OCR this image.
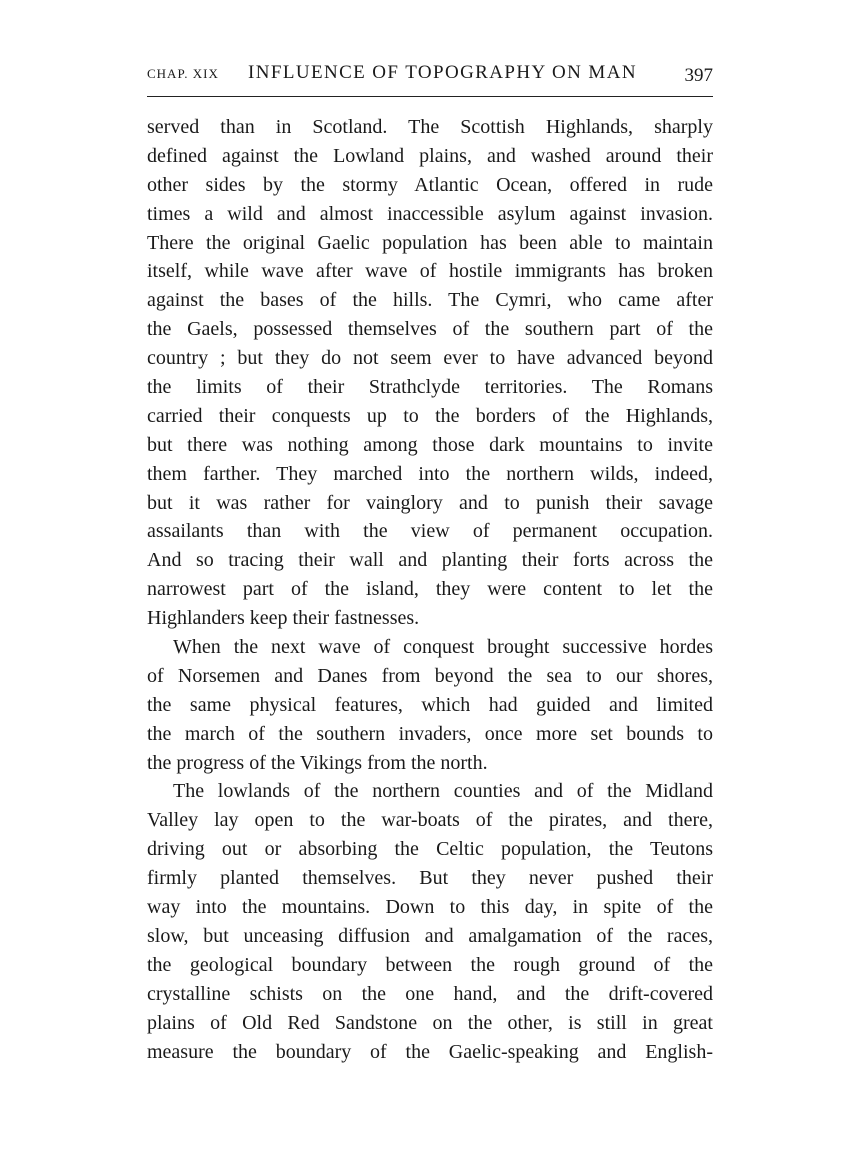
CHAP. XIX INFLUENCE OF TOPOGRAPHY ON MAN	397
served than in Scotland. The Scottish Highlands, sharply
defined against the Lowland plains, and washed around their
other sides by the stormy Atlantic Ocean, offered in rude
times a wild and almost inaccessible asylum against invasion.
There the original Gaelic population has been able to maintain
itself, while wave after wave of hostile immigrants has broken
against the bases of the hills. The Cymri, who came after
the Gaels, possessed themselves of the southern part of the
country ; but they do not seem ever to have advanced beyond
the limits of their Strathclyde territories. The Romans
carried their conquests up to the borders of the Highlands,
but there was nothing among those dark mountains to invite
them farther. They marched into the northern wilds, indeed,
but it was rather for vainglory and to punish their savage
assailants than with the view of permanent occupation.
And so tracing their wall and planting their forts across the
narrowest part of the island, they were content to let the
Highlanders keep their fastnesses.
When the next wave of conquest brought successive hordes
of Norsemen and Danes from beyond the sea to our shores,
the same physical features, which had guided and limited
the march of the southern invaders, once more set bounds to
the progress of the Vikings from the north.
The lowlands of the northern counties and of the Midland
Valley lay open to the war-boats of the pirates, and there,
driving out or absorbing the Celtic population, the Teutons
firmly planted themselves. But they never pushed their
way into the mountains. Down to this day, in spite of the
slow, but unceasing diffusion and amalgamation of the races,
the geological boundary between the rough ground of the
crystalline schists on the one hand, and the drift-covered
plains of Old Red Sandstone on the other, is still in great
measure the boundary of the Gaelic-speaking and English-
